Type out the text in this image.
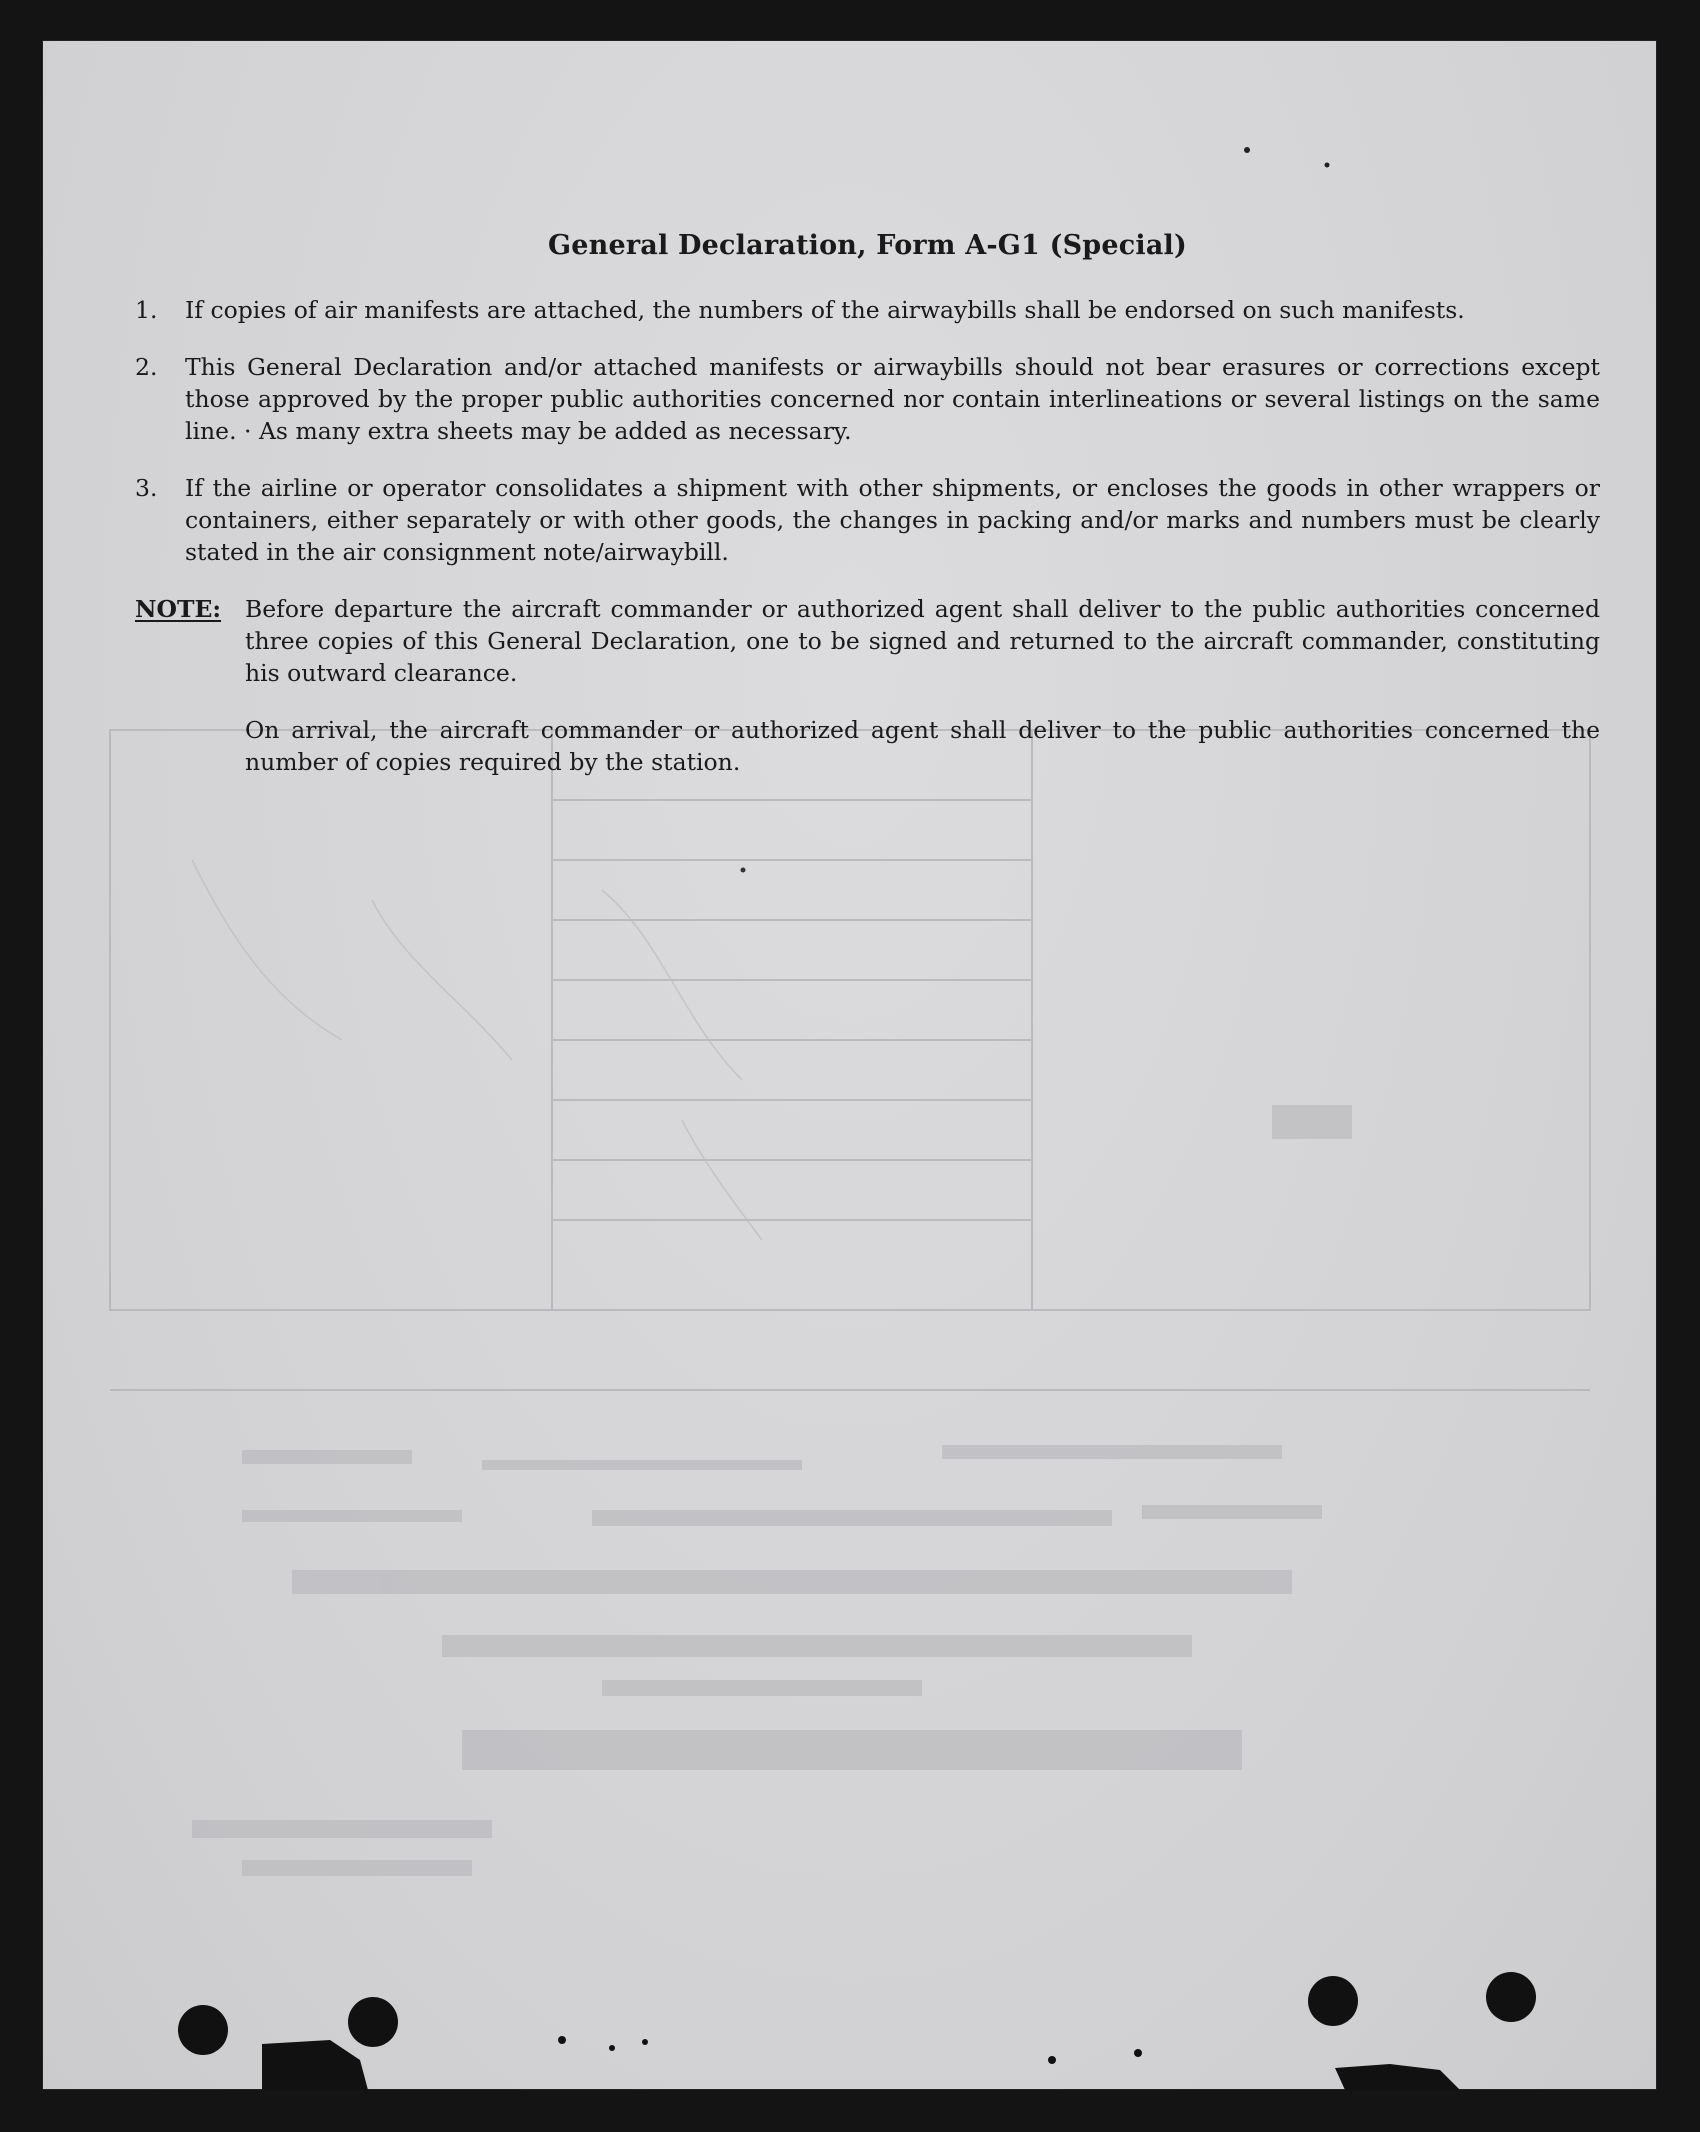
General Declaration, Form A-G1 (Special)
1.	If copies of air manifests are attached, the numbers of the airwaybills shall be endorsed on such manifests.
2.	This General Declaration and/or attached manifests or airwaybills should not bear erasures or corrections except those approved by the proper public authorities concerned nor contain interlineations or several listings on the same line. · As many extra sheets may be added as necessary.
3.	If the airline or operator consolidates a shipment with other shipments, or encloses the goods in other wrappers or containers, either separately or with other goods, the changes in packing and/or marks and numbers must be clearly stated in the air consignment note/airwaybill.
NOTE:	Before departure the aircraft commander or authorized agent shall deliver to the public authorities concerned three copies of this General Declaration, one to be signed and returned to the aircraft commander, constituting his outward clearance.

On arrival, the aircraft commander or authorized agent shall deliver to the public authorities concerned the number of copies required by the station.
